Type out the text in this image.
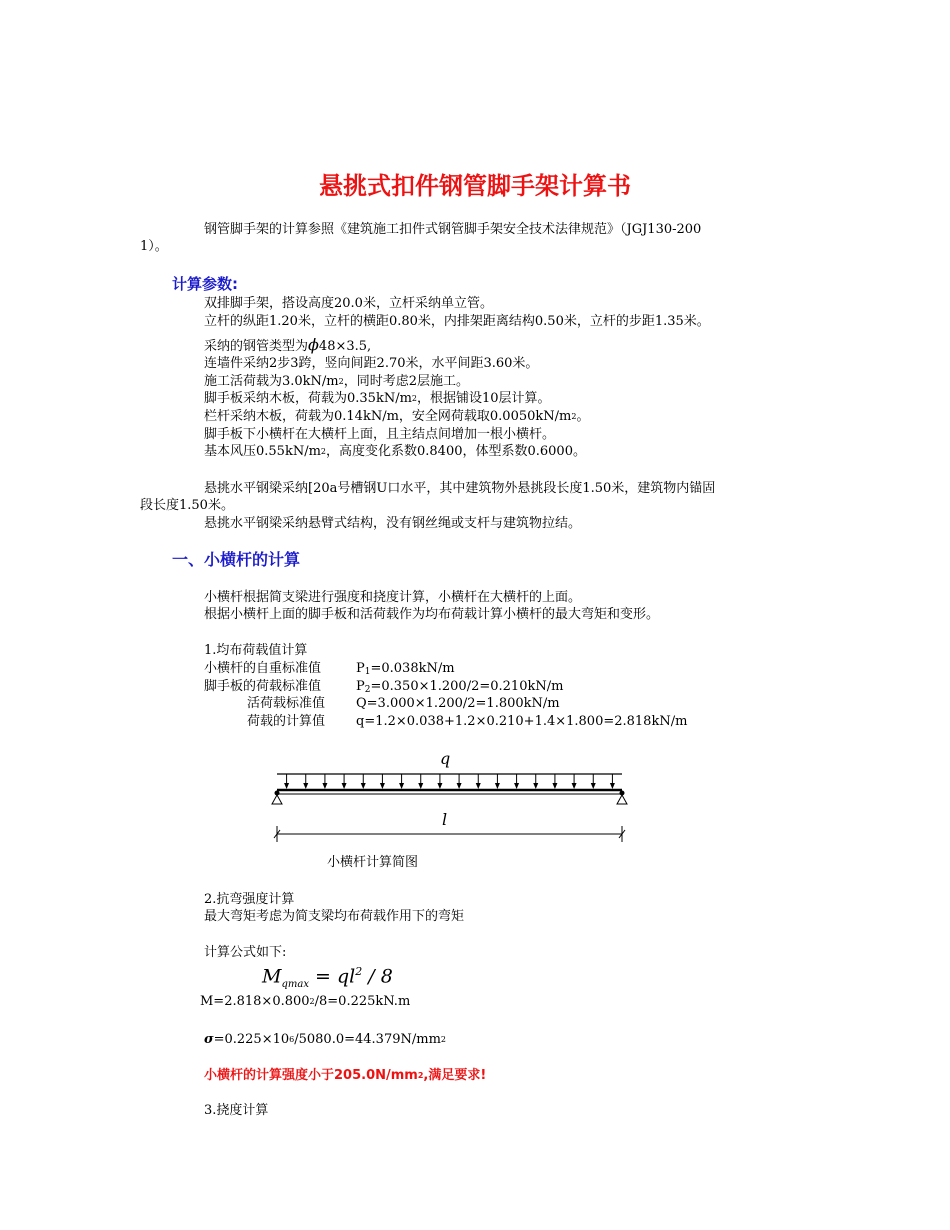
悬挑式扣件钢管脚手架计算书
钢管脚手架的计算参照《建筑施工扣件式钢管脚手架安全技术法律规范》（JGJ130-200
1）。
计算参数:
双排脚手架，搭设高度20.0米，立杆采纳单立管。
立杆的纵距1.20米，立杆的横距0.80米，内排架距离结构0.50米，立杆的步距1.35米。
采纳的钢管类型为ϕ48×3.5,
连墙件采纳2步3跨，竖向间距2.70米，水平间距3.60米。
施工活荷载为$3.0kN/m^2$，同时考虑2层施工。
脚手板采纳木板，荷载为$0.35kN/m^2$，根据铺设10层计算。
栏杆采纳木板，荷载为0.14kN/m，安全网荷载取$0.0050kN/m^2$。
脚手板下小横杆在大横杆上面，且主结点间增加一根小横杆。
基本风压$0.55kN/m^2$，高度变化系数0.8400，体型系数0.6000。
悬挑水平钢梁采纳[20a号槽钢U口水平，其中建筑物外悬挑段长度1.50米，建筑物内锚固
段长度1.50米。
悬挑水平钢梁采纳悬臂式结构，没有钢丝绳或支杆与建筑物拉结。
一、小横杆的计算
小横杆根据简支梁进行强度和挠度计算，小横杆在大横杆的上面。
根据小横杆上面的脚手板和活荷载作为均布荷载计算小横杆的最大弯矩和变形。
1.均布荷载值计算
小横杆的自重标准值	P1=0.038kN/m
脚手板的荷载标准值	P2=0.350×1.200/2=0.210kN/m
活荷载标准值 Q=3.000×1.200/2=1.800kN/m
荷载的计算值 q=1.2×0.038+1.2×0.210+1.4×1.800=2.818kN/m
q
l
小横杆计算简图
2.抗弯强度计算
最大弯矩考虑为简支梁均布荷载作用下的弯矩
计算公式如下:
$M_{qmax} = ql^2 / 8$
$M=2.818\times 0.800^2/8=0.225kN.m$
$\sigma=0.225\times 10^6/5080.0=44.379N/mm^2$
小横杆的计算强度小于$205.0N/mm^2$,满足要求!
3.挠度计算
